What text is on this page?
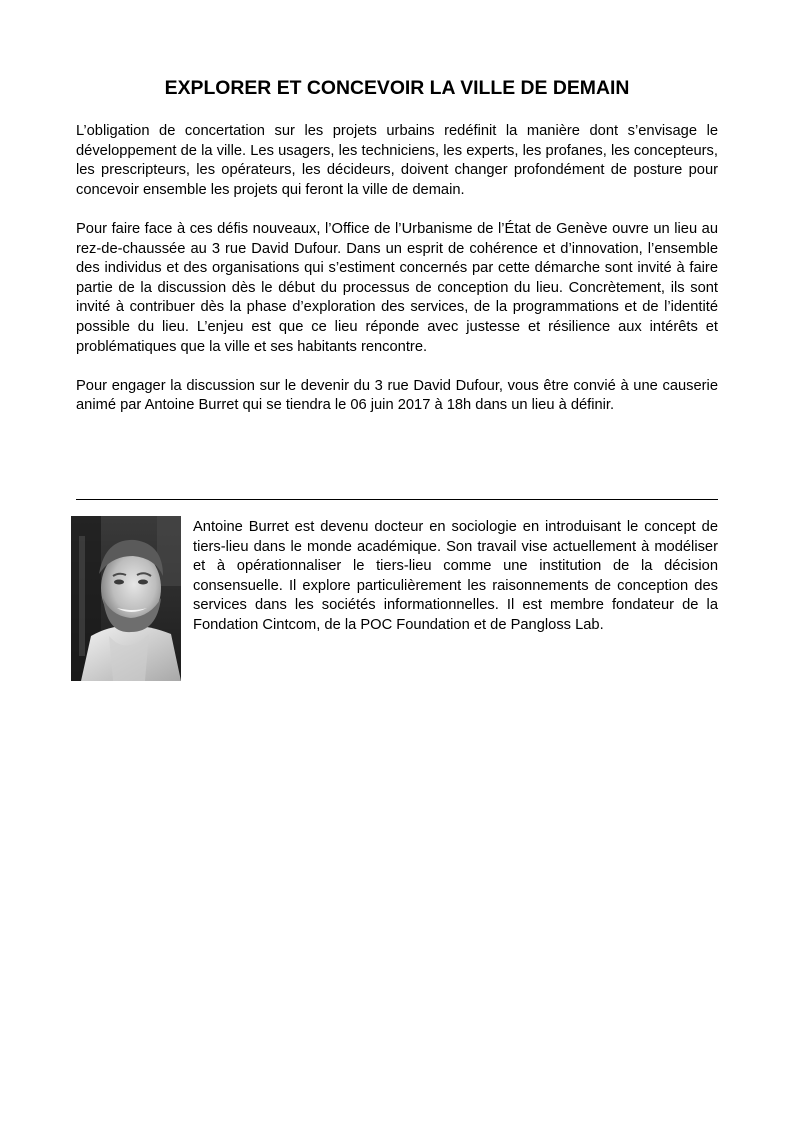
EXPLORER ET CONCEVOIR LA VILLE DE DEMAIN

L’obligation de concertation sur les projets urbains redéfinit la manière dont s’envisage le développement de la ville. Les usagers, les techniciens, les experts, les profanes, les concepteurs, les prescripteurs, les opérateurs, les décideurs, doivent changer profondément de posture pour concevoir ensemble les projets qui feront la ville de demain.

Pour faire face à ces défis nouveaux, l’Office de l’Urbanisme de l’État de Genève ouvre un lieu au rez-de-chaussée au 3 rue David Dufour. Dans un esprit de cohérence et d’innovation, l’ensemble des individus et des organisations qui s’estiment concernés par cette démarche sont invité à faire partie de la discussion dès le début du processus de conception du lieu. Concrètement, ils sont invité à contribuer dès la phase d’exploration des services, de la programmations et de l’identité possible du lieu. L’enjeu est que ce lieu réponde avec justesse et résilience aux intérêts et problématiques que la ville et ses habitants rencontre.

Pour engager la discussion sur le devenir du 3 rue David Dufour, vous être convié à une causerie animé par Antoine Burret qui se tiendra le 06 juin 2017 à 18h dans un lieu à définir.

Antoine Burret est devenu docteur en sociologie en introduisant le concept de tiers-lieu dans le monde académique. Son travail vise actuellement à modéliser et à opérationnaliser le tiers-lieu comme une institution de la décision consensuelle. Il explore particulièrement les raisonnements de conception des services dans les sociétés informationnelles. Il est membre fondateur de la Fondation Cintcom, de la POC Foundation et de Pangloss Lab.
